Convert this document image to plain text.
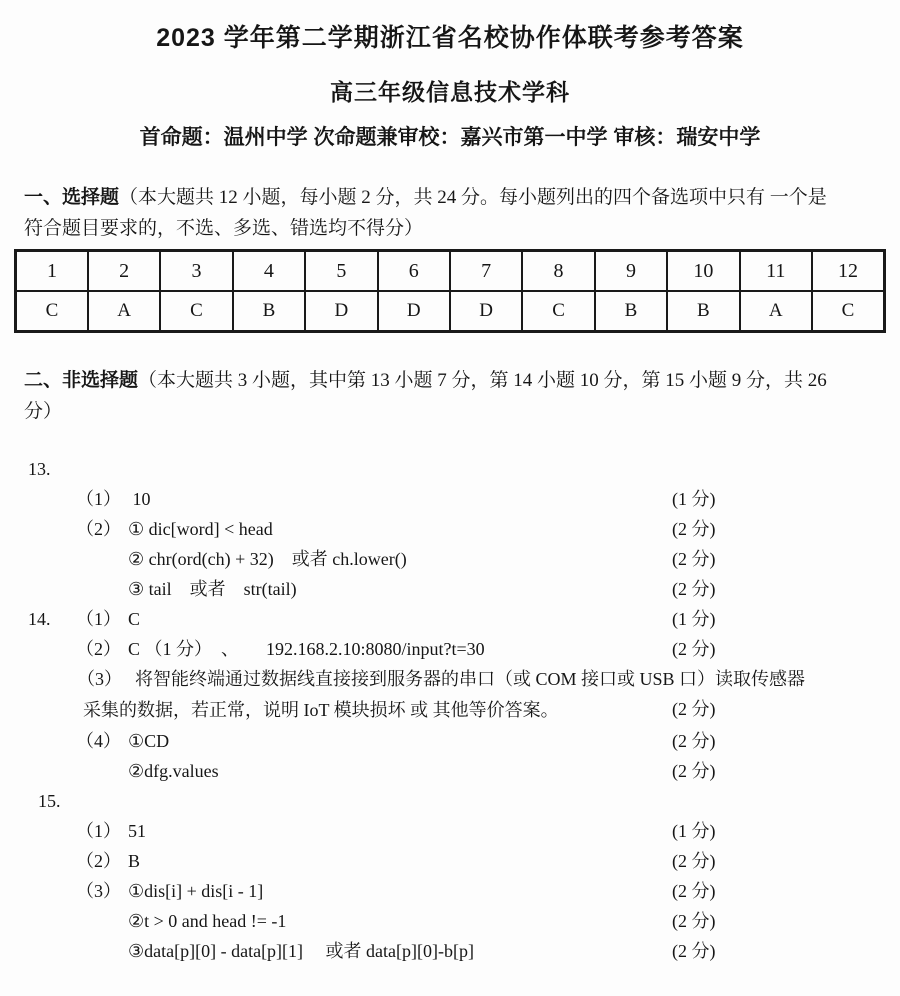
2023 学年第二学期浙江省名校协作体联考参考答案
高三年级信息技术学科
首命题：温州中学 次命题兼审校：嘉兴市第一中学 审核：瑞安中学
一、选择题（本大题共 12 小题，每小题 2 分，共 24 分。每小题列出的四个备选项中只有 一个是
符合题目要求的，不选、多选、错选均不得分）
1	2	3	4	5	6	7	8	9	10	11	12
C	A	C	B	D	D	D	C	B	B	A	C
二、非选择题（本大题共 3 小题，其中第 13 小题 7 分，第 14 小题 10 分，第 15 小题 9 分，共 26
分）
13.
（1） 10	(1 分)
（2） ① dic[word] < head	(2 分)
② chr(ord(ch) + 32)　或者 ch.lower()	(2 分)
③ tail　或者　str(tail)	(2 分)
14. （1） C	(1 分)
（2） C （1 分）　、　　192.168.2.10:8080/input?t=30	(2 分)
（3） 将智能终端通过数据线直接接到服务器的串口（或 COM 接口或 USB 口）读取传感器
采集的数据，若正常，说明 IoT 模块损坏 或 其他等价答案。	(2 分)
（4） ①CD	(2 分)
②dfg.values	(2 分)
15.
（1） 51	(1 分)
（2） B	(2 分)
（3） ①dis[i] + dis[i - 1]	(2 分)
②t > 0 and head != -1	(2 分)
③data[p][0] - data[p][1]　 或者 data[p][0]-b[p]	(2 分)
